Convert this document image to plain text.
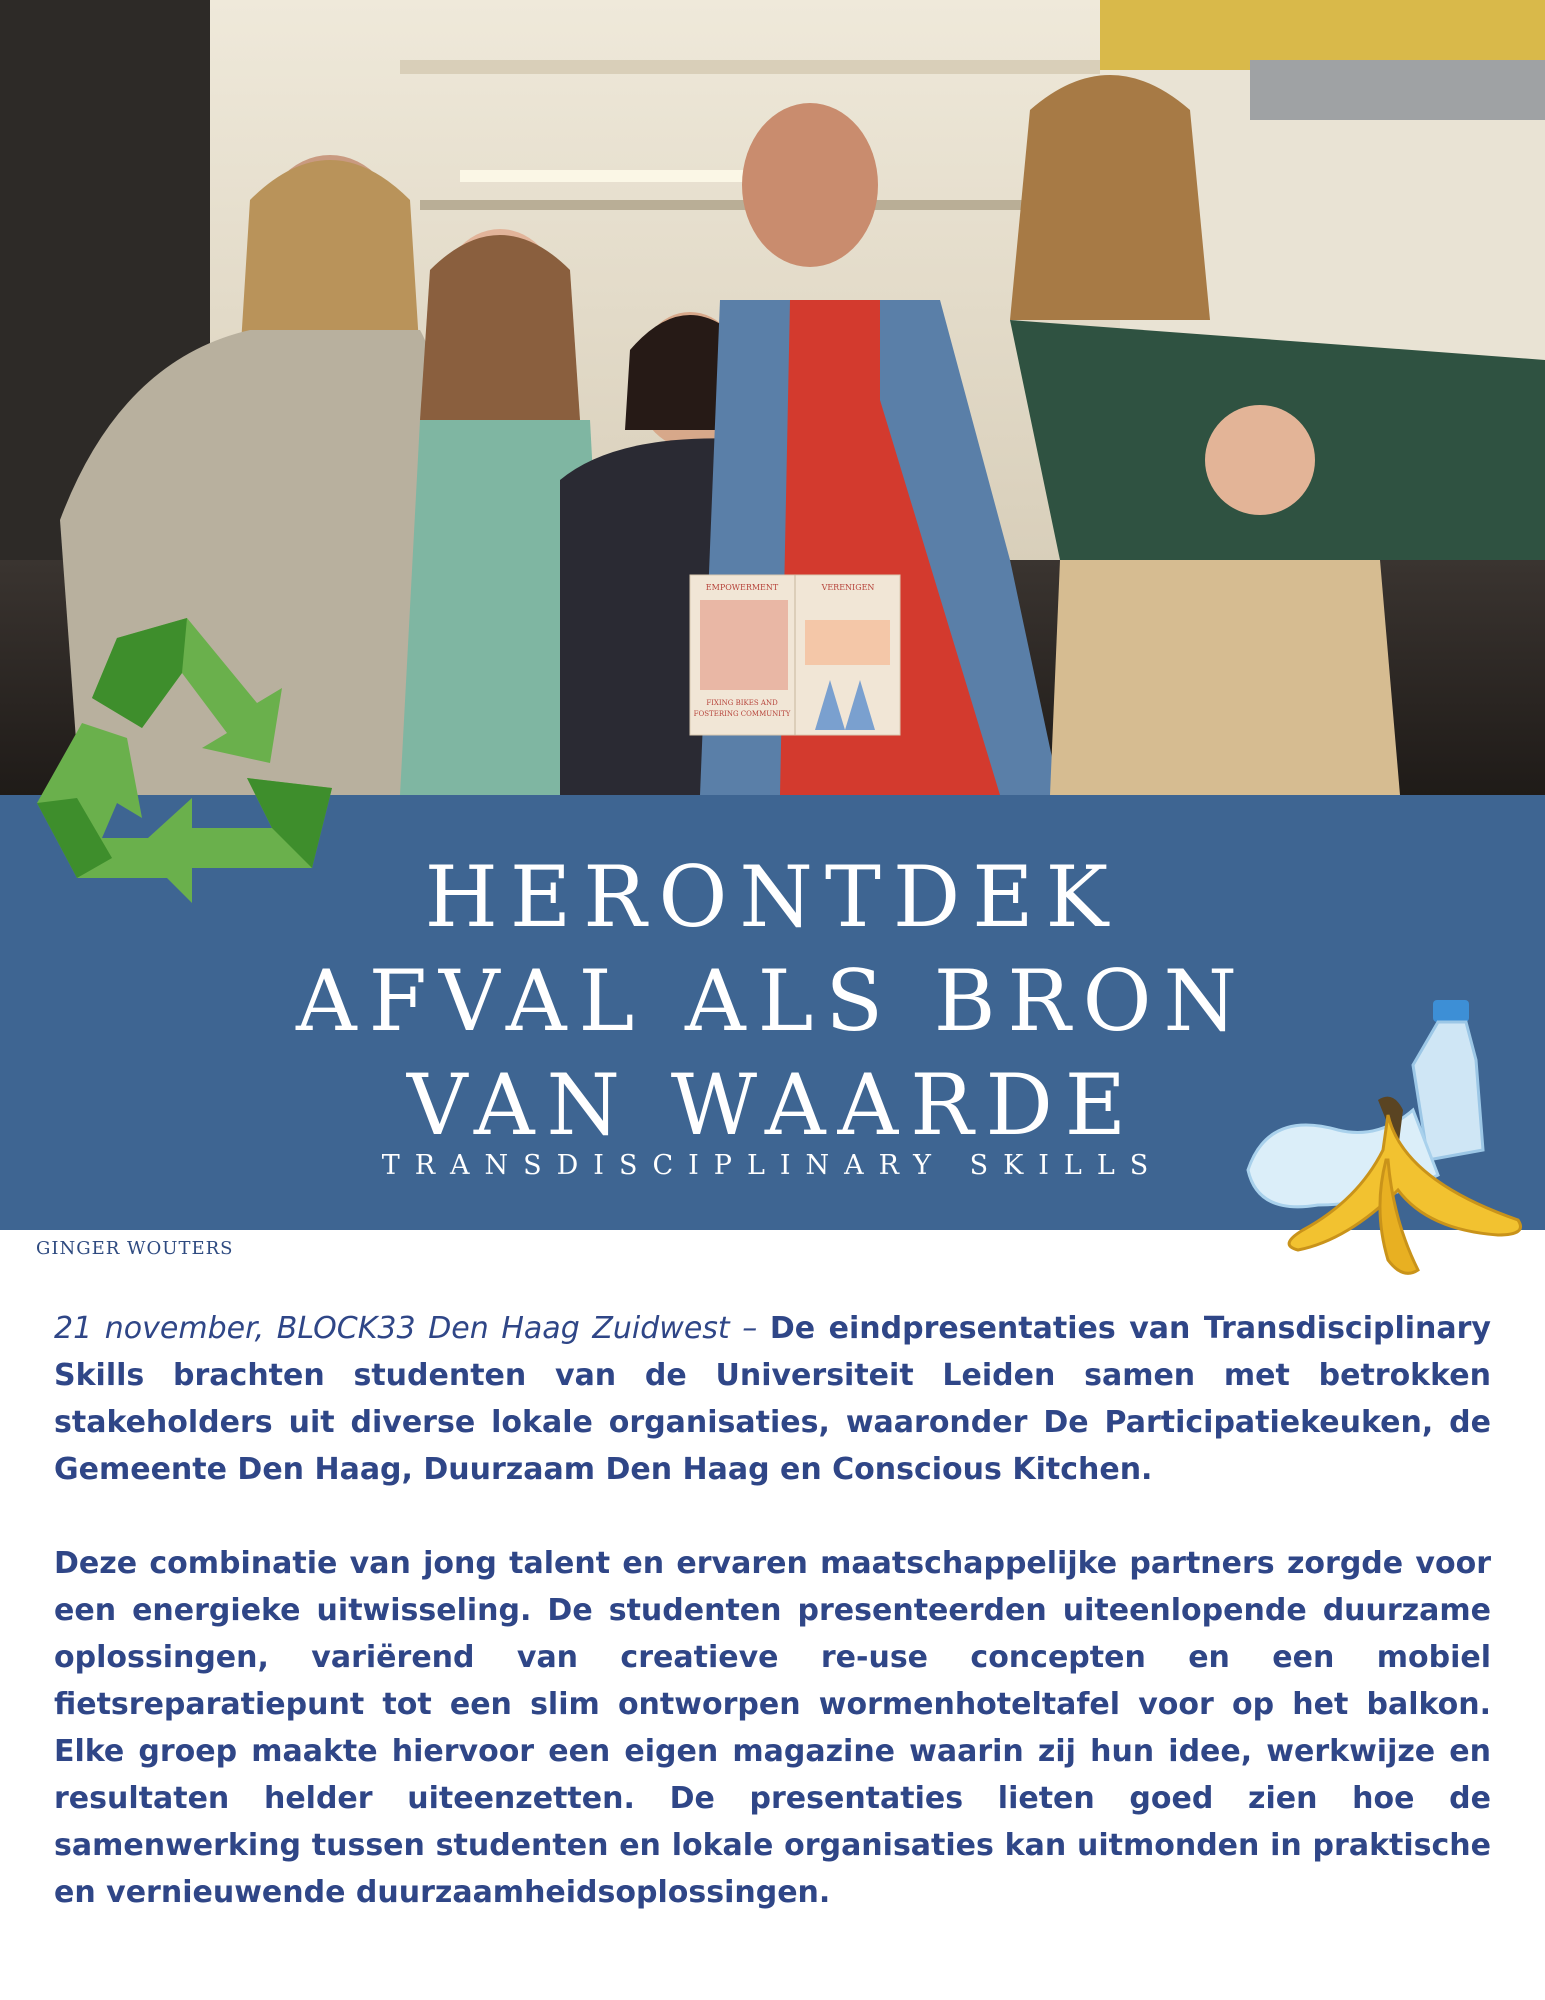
EMPOWERMENT	VERENIGEN
FIXING BIKES AND
FOSTERING COMMUNITY
HERONTDEK
AFVAL ALS BRON
VAN WAARDE
TRANSDISCIPLINARY SKILLS
GINGER WOUTERS

21 november, BLOCK33 Den Haag Zuidwest – De eindpresentaties van Transdisciplinary Skills brachten studenten van de Universiteit Leiden samen met betrokken stakeholders uit diverse lokale organisaties, waaronder De Participatiekeuken, de Gemeente Den Haag, Duurzaam Den Haag en Conscious Kitchen.

Deze combinatie van jong talent en ervaren maatschappelijke partners zorgde voor een energieke uitwisseling. De studenten presenteerden uiteenlopende duurzame oplossingen, variërend van creatieve re-use concepten en een mobiel fietsreparatiepunt tot een slim ontworpen wormenhoteltafel voor op het balkon. Elke groep maakte hiervoor een eigen magazine waarin zij hun idee, werkwijze en resultaten helder uiteenzetten. De presentaties lieten goed zien hoe de samenwerking tussen studenten en lokale organisaties kan uitmonden in praktische en vernieuwende duurzaamheidsoplossingen.
